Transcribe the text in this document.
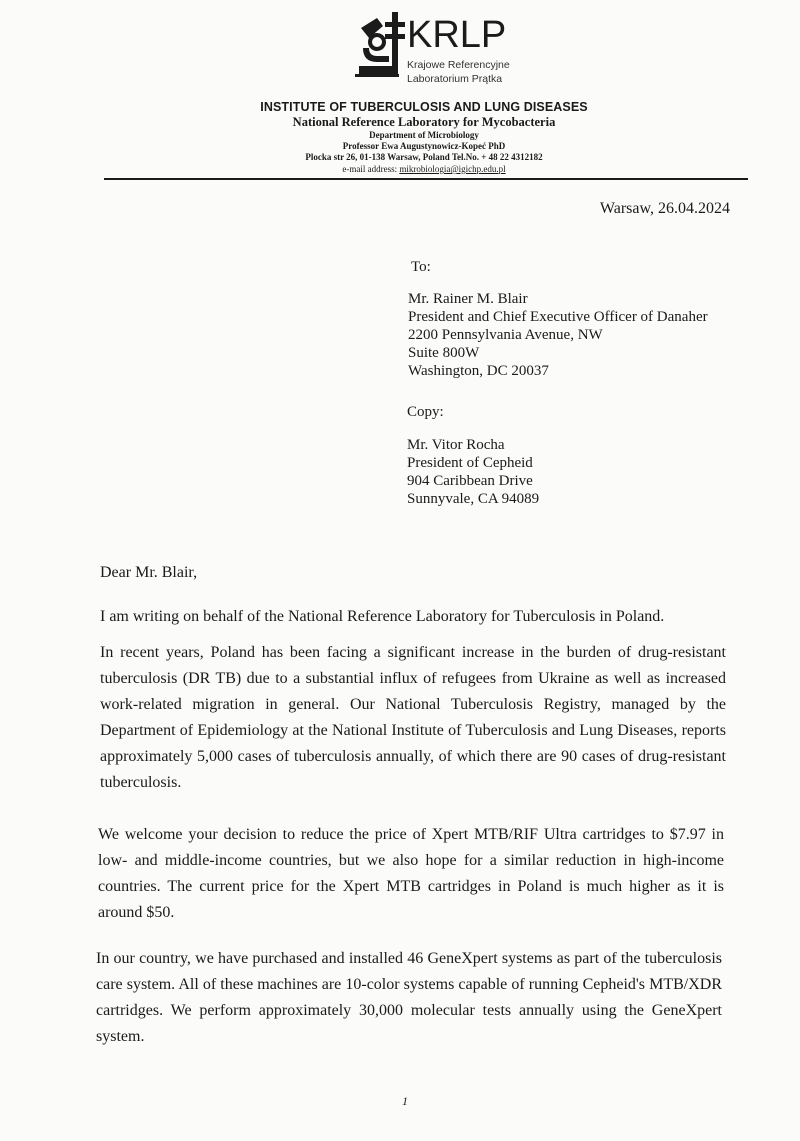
KRLP
Krajowe Referencyjne
Laboratorium Prątka
INSTITUTE OF TUBERCULOSIS AND LUNG DISEASES
National Reference Laboratory for Mycobacteria
Department of Microbiology
Professor Ewa Augustynowicz-Kopeć PhD
Plocka str 26, 01-138 Warsaw, Poland Tel.No. + 48 22 4312182
e-mail address: mikrobiologia@igichp.edu.pl
Warsaw, 26.04.2024
To:
Mr. Rainer M. Blair
President and Chief Executive Officer of Danaher
2200 Pennsylvania Avenue, NW
Suite 800W
Washington, DC 20037
Copy:
Mr. Vitor Rocha
President of Cepheid
904 Caribbean Drive
Sunnyvale, CA 94089
Dear Mr. Blair,
I am writing on behalf of the National Reference Laboratory for Tuberculosis in Poland.
In recent years, Poland has been facing a significant increase in the burden of drug-resistant tuberculosis (DR TB) due to a substantial influx of refugees from Ukraine as well as increased work-related migration in general. Our National Tuberculosis Registry, managed by the Department of Epidemiology at the National Institute of Tuberculosis and Lung Diseases, reports approximately 5,000 cases of tuberculosis annually, of which there are 90 cases of drug-resistant tuberculosis.
We welcome your decision to reduce the price of Xpert MTB/RIF Ultra cartridges to $7.97 in low- and middle-income countries, but we also hope for a similar reduction in high-income countries. The current price for the Xpert MTB cartridges in Poland is much higher as it is around $50.
In our country, we have purchased and installed 46 GeneXpert systems as part of the tuberculosis care system. All of these machines are 10-color systems capable of running Cepheid's MTB/XDR cartridges. We perform approximately 30,000 molecular tests annually using the GeneXpert system.
1
